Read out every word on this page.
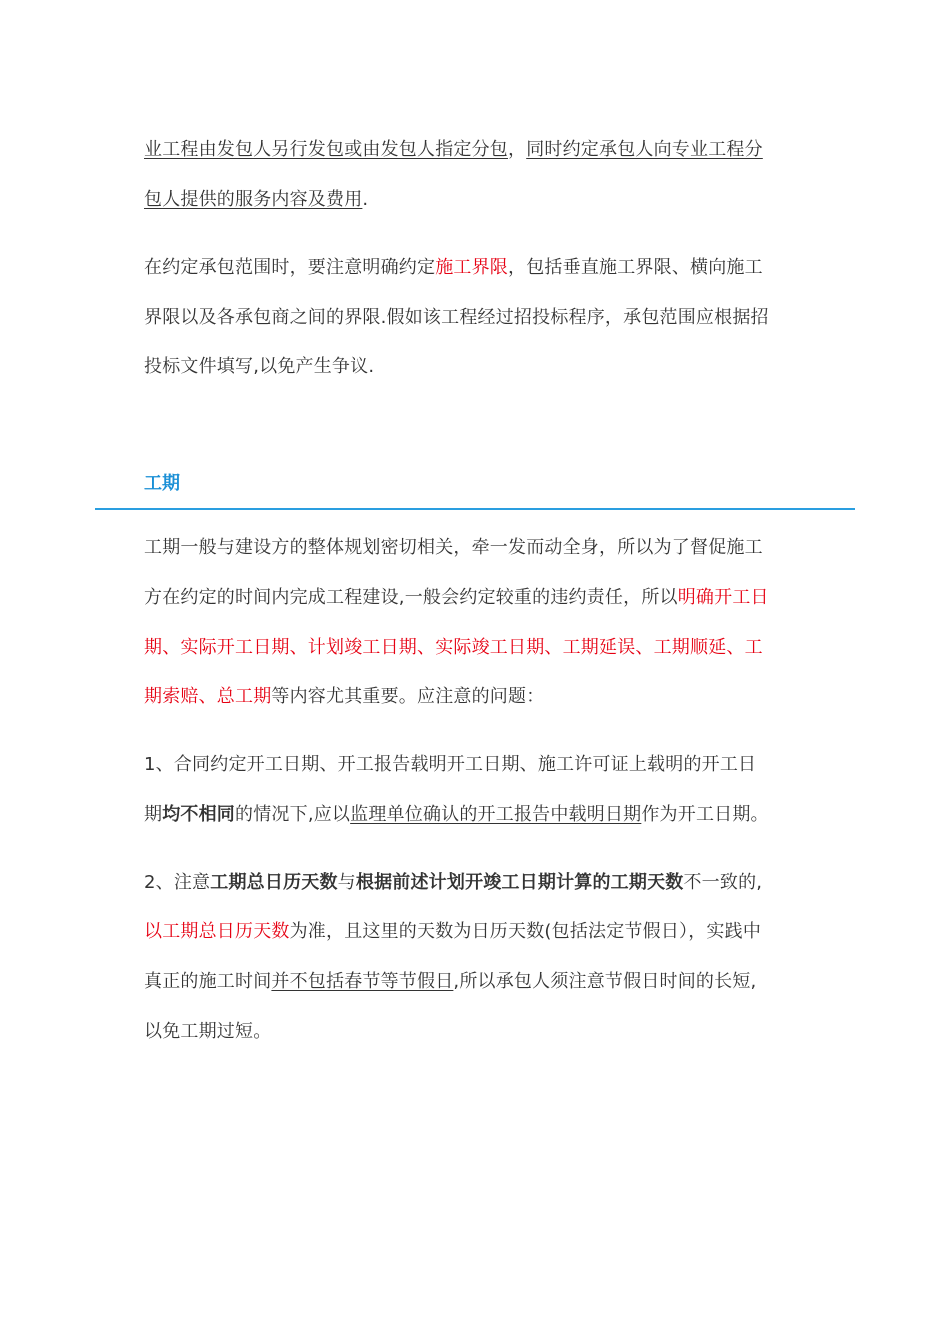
业工程由发包人另行发包或由发包人指定分包，同时约定承包人向专业工程分
包人提供的服务内容及费用.
在约定承包范围时，要注意明确约定施工界限，包括垂直施工界限、横向施工
界限以及各承包商之间的界限.假如该工程经过招投标程序，承包范围应根据招
投标文件填写,以免产生争议.
工期
工期一般与建设方的整体规划密切相关，牵一发而动全身，所以为了督促施工
方在约定的时间内完成工程建设,一般会约定较重的违约责任，所以明确开工日
期、实际开工日期、计划竣工日期、实际竣工日期、工期延误、工期顺延、工
期索赔、总工期等内容尤其重要。应注意的问题：
1、合同约定开工日期、开工报告载明开工日期、施工许可证上载明的开工日
期均不相同的情况下,应以监理单位确认的开工报告中载明日期作为开工日期。
2、注意工期总日历天数与根据前述计划开竣工日期计算的工期天数不一致的,
以工期总日历天数为准，且这里的天数为日历天数(包括法定节假日），实践中
真正的施工时间并不包括春节等节假日,所以承包人须注意节假日时间的长短,
以免工期过短。
